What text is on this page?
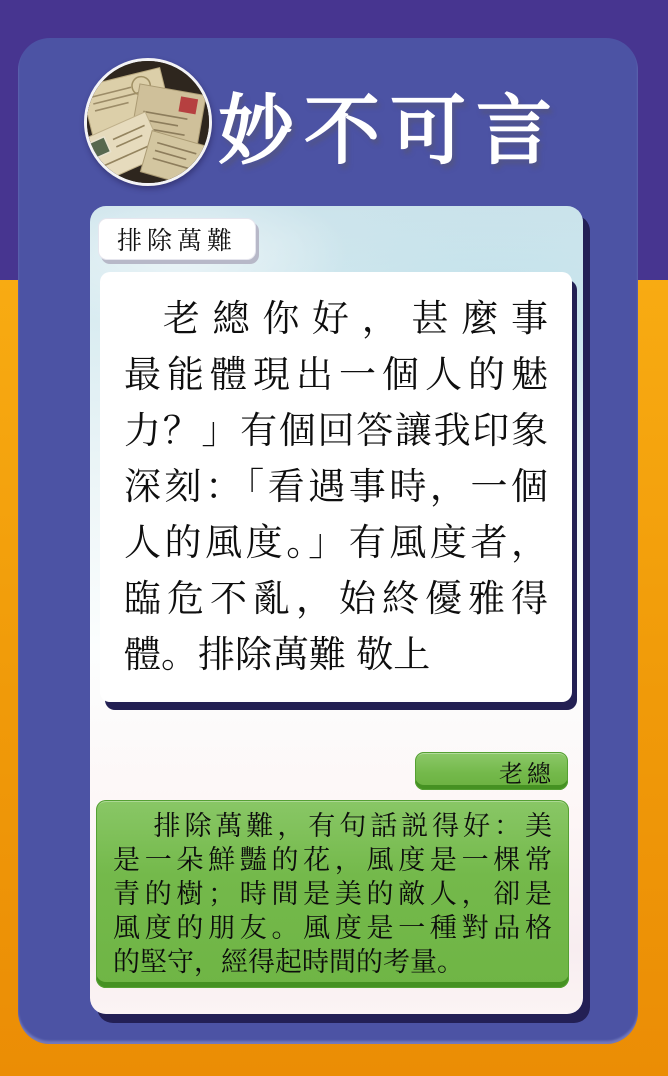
妙不可言
排除萬難
老總你好，甚麼事
最能體現出一個人的魅
力？」有個回答讓我印象
深刻：「看遇事時，一個
人的風度。」有風度者，
臨危不亂，始終優雅得
體。排除萬難 敬上
老總
排除萬難，有句話説得好：美
是一朵鮮豔的花，風度是一棵常
青的樹；時間是美的敵人，卻是
風度的朋友。風度是一種對品格
的堅守，經得起時間的考量。
